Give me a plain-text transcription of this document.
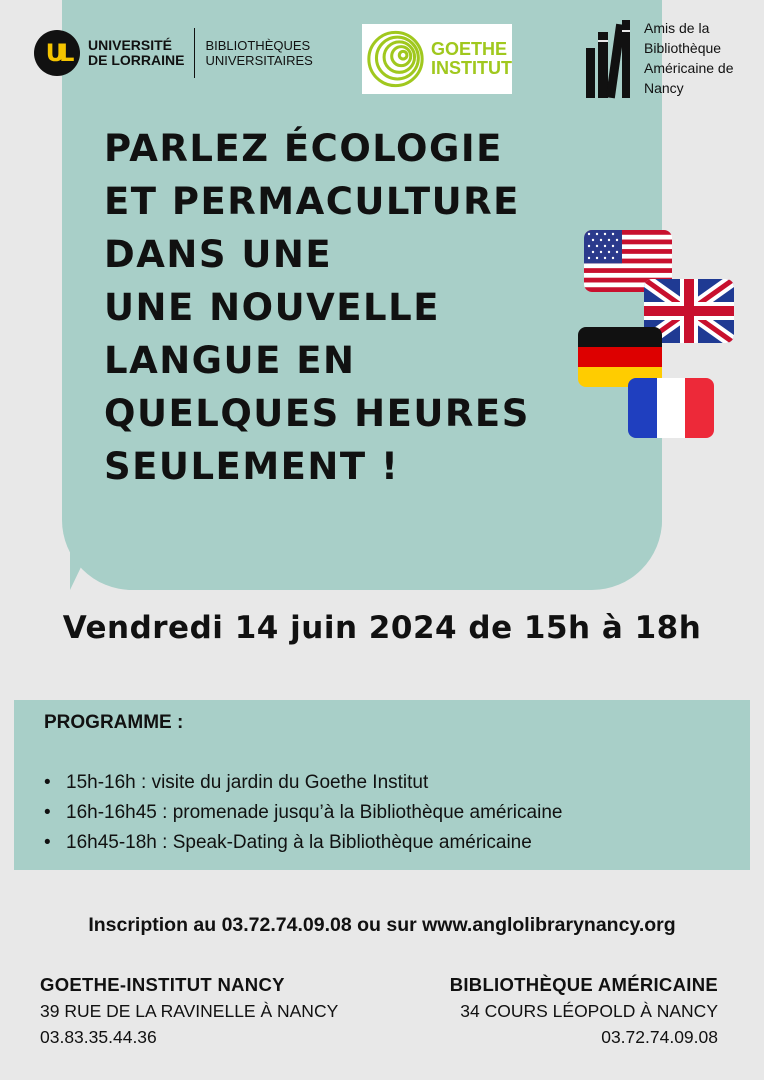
UL	UNIVERSITÉ
DE LORRAINE
BIBLIOTHÈQUES
UNIVERSITAIRES
GOETHE
INSTITUT
Amis de la
Bibliothèque
Américaine de
Nancy
PARLEZ ÉCOLOGIE
ET PERMACULTURE
DANS UNE
UNE NOUVELLE
LANGUE EN
QUELQUES HEURES
SEULEMENT !
Vendredi 14 juin 2024 de 15h à 18h
PROGRAMME :
• 15h-16h : visite du jardin du Goethe Institut
• 16h-16h45 : promenade jusqu’à la Bibliothèque américaine
• 16h45-18h : Speak-Dating à la Bibliothèque américaine
Inscription au 03.72.74.09.08 ou sur www.anglolibrarynancy.org
GOETHE-INSTITUT NANCY
39 RUE DE LA RAVINELLE À NANCY
03.83.35.44.36
BIBLIOTHÈQUE AMÉRICAINE
34 COURS LÉOPOLD À NANCY
03.72.74.09.08
